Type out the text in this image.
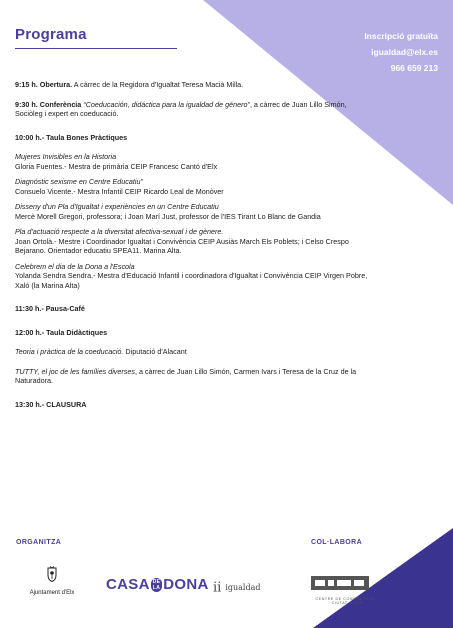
Programa	Inscripció gratuïta
igualdad@elx.es
966 659 213

9:15 h. Obertura. A càrrec de la Regidora d'Igualtat Teresa Macià Milla.

9:30 h. Conferència “Coeducación, didáctica para la igualdad de género”, a càrrec de Juan Lillo Simón, Sociòleg i expert en coeducació.

10:00 h.- Taula Bones Pràctiques

Mujeres Invisibles en la Historia

Gloria Fuentes.- Mestra de primària CEIP Francesc Cantó d'Elx

Diagnóstic sexisme en Centre Educatiu”

Consuelo Vicente.- Mestra Infantil CEIP Ricardo Leal de Monòver

Disseny d'un Pla d'Igualtat i experiències en un Centre Educatiu

Mercè Morell Gregori, professora; i Joan Marí Just, professor de l'IES Tirant Lo Blanc de Gandia

Pla d'actuació respecte a la diversitat afectiva-sexual i de gènere.

Joan Ortolà.- Mestre i Coordinador Igualtat i Convivència CEIP Ausiàs March Els Poblets; i Celso Crespo Bejarano. Orientador educatiu SPEA11. Marina Alta.

Celebrem el dia de la Dona a l'Escola

Yolanda Sendra Sendra.- Mestra d'Educació Infantil i coordinadora d'Igualtat i Convivència CEIP Virgen Pobre, Xaló (la Marina Alta)

11:30 h.- Pausa-Café

12:00 h.- Taula Didàctiques

Teoria i pràctica de la coeducació. Diputació d'Alacant

TUTTY, el joc de les famílies diverses, a càrrec de Juan Lillo Simón, Carmen Ivars i Teresa de la Cruz de la Naturadora.

13:30 h.- CLAUSURA

ORGANITZA	COL·LABORA
Ajuntament d'Elx	CASA DE
LA DONA ı̇ı̇ igualdad
CENTRE DE CONGRESSOS · CIUTAT D'ELX
